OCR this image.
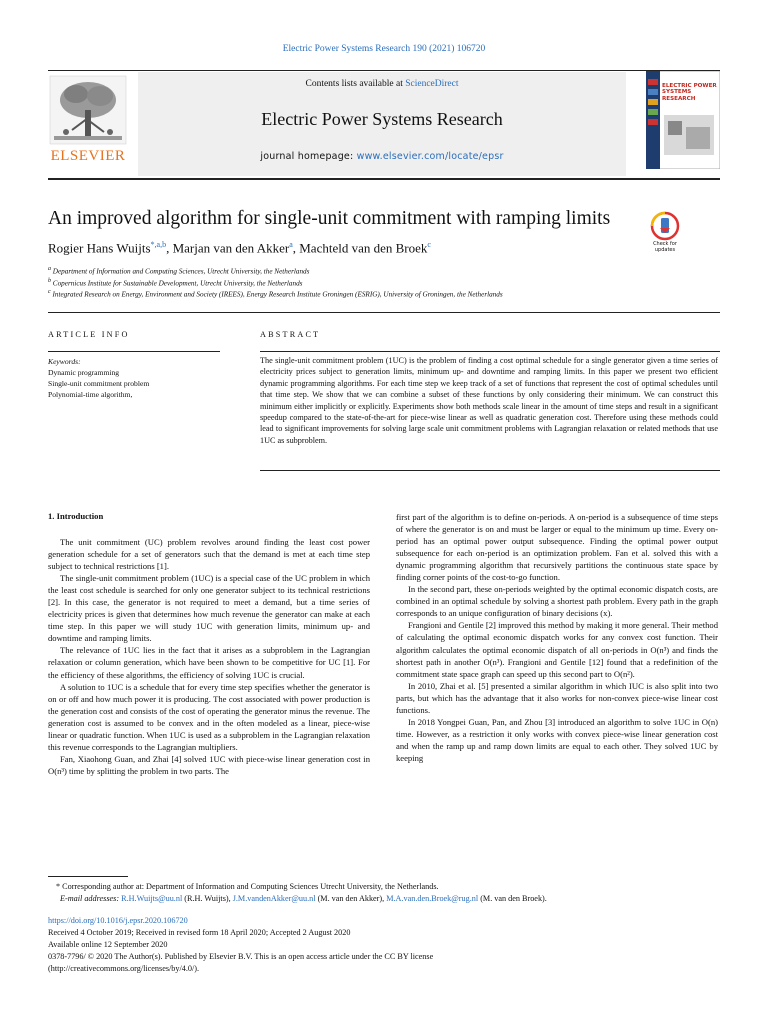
Electric Power Systems Research 190 (2021) 106720
Contents lists available at ScienceDirect
Electric Power Systems Research
journal homepage: www.elsevier.com/locate/epsr
ELSEVIER
ELECTRIC POWER SYSTEMS RESEARCH
An improved algorithm for single-unit commitment with ramping limits
Check for updates
Rogier Hans Wuijts$^{*,a,b}$, Marjan van den Akker$^a$, Machteld van den Broek$^c$
$^a$ Department of Information and Computing Sciences, Utrecht University, the Netherlands
$^b$ Copernicus Institute for Sustainable Development, Utrecht University, the Netherlands
$^c$ Integrated Research on Energy, Environment and Society (IREES), Energy Research Institute Groningen (ESRIG), University of Groningen, the Netherlands
ARTICLE INFO
Keywords:
Dynamic programming
Single-unit commitment problem
Polynomial-time algorithm,
ABSTRACT
The single-unit commitment problem (1UC) is the problem of finding a cost optimal schedule for a single generator given a time series of electricity prices subject to generation limits, minimum up- and downtime and ramping limits. In this paper we present two efficient dynamic programming algorithms. For each time step we keep track of a set of functions that represent the cost of optimal schedules until that time step. We show that we can combine a subset of these functions by only considering their minimum. We can construct this minimum either implicitly or explicitly. Experiments show both methods scale linear in the amount of time steps and result in a significant speedup compared to the state-of-the-art for piece-wise linear as well as quadratic generation cost. Therefore using these methods could lead to significant improvements for solving large scale unit commitment problems with Lagrangian relaxation or related methods that use 1UC as subproblem.
1. Introduction

The unit commitment (UC) problem revolves around finding the least cost power generation schedule for a set of generators such that the demand is met at each time step subject to technical restrictions [1].

The single-unit commitment problem (1UC) is a special case of the UC problem in which the least cost schedule is searched for only one generator subject to its technical restrictions [2]. In this case, the generator is not required to meet a demand, but a time series of electricity prices is given that determines how much revenue the generator can make at each time step. In this paper we will study 1UC with generation limits, minimum up- and downtime and ramping limits.

The relevance of 1UC lies in the fact that it arises as a subproblem in the Lagrangian relaxation or column generation, which have been shown to be competitive for UC [1]. For the efficiency of these algorithms, the efficiency of solving 1UC is crucial.

A solution to 1UC is a schedule that for every time step specifies whether the generator is on or off and how much power it is producing. The cost associated with power production is the generation cost and consists of the cost of operating the generator minus the revenue. The generation cost is assumed to be convex and in the often modeled as a linear, piece-wise linear or quadratic function. When 1UC is used as a subproblem in the Lagrangian relaxation this revenue corresponds to the Lagrangian multipliers.

Fan, Xiaohong Guan, and Zhai [4] solved 1UC with piece-wise linear generation cost in O(n³) time by splitting the problem in two parts. The

first part of the algorithm is to define on-periods. A on-period is a subsequence of time steps of where the generator is on and must be larger or equal to the minimum up time. Every on-period has an optimal power output subsequence. Finding the optimal power output subsequence for each on-period is an optimization problem. Fan et al. solved this with a dynamic programming algorithm that recursively partitions the continuous state space by finding corner points of the cost-to-go function.

In the second part, these on-periods weighted by the optimal economic dispatch costs, are combined in an optimal schedule by solving a shortest path problem. Every path in the graph corresponds to an unique configuration of binary decisions (x).

Frangioni and Gentile [2] improved this method by making it more general. Their method of calculating the optimal economic dispatch works for any convex cost function. Their algorithm calculates the optimal economic dispatch of all on-periods in O(n³) and finds the shortest path in another O(n³). Frangioni and Gentile [12] found that a redefinition of the commitment state space graph can speed up this second part to O(n²).

In 2010, Zhai et al. [5] presented a similar algorithm in which IUC is also split into two parts, but which has the advantage that it also works for non-convex piece-wise linear cost functions.

In 2018 Yongpei Guan, Pan, and Zhou [3] introduced an algorithm to solve 1UC in O(n) time. However, as a restriction it only works with convex piece-wise linear generation cost and when the ramp up and ramp down limits are equal to each other. They solved 1UC by keeping

* Corresponding author at: Department of Information and Computing Sciences Utrecht University, the Netherlands.
E-mail addresses: R.H.Wuijts@uu.nl (R.H. Wuijts), J.M.vandenAkker@uu.nl (M. van den Akker), M.A.van.den.Broek@rug.nl (M. van den Broek).
https://doi.org/10.1016/j.epsr.2020.106720
Received 4 October 2019; Received in revised form 18 April 2020; Accepted 2 August 2020
Available online 12 September 2020
0378-7796/ © 2020 The Author(s). Published by Elsevier B.V. This is an open access article under the CC BY license
(http://creativecommons.org/licenses/by/4.0/).
